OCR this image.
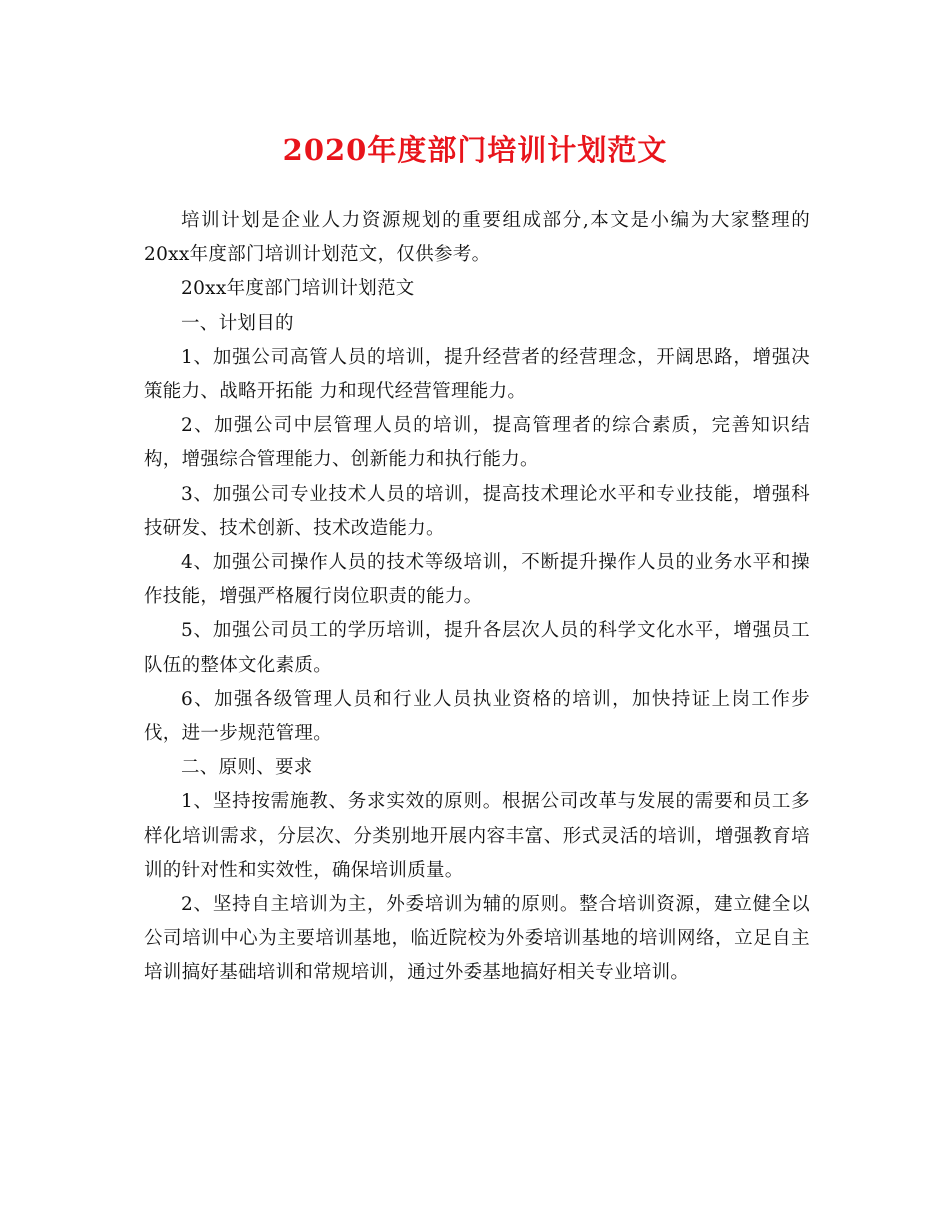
2020年度部门培训计划范文

培训计划是企业人力资源规划的重要组成部分,本文是小编为大家整理的20xx年度部门培训计划范文，仅供参考。

20xx年度部门培训计划范文

一、计划目的

1、加强公司高管人员的培训，提升经营者的经营理念，开阔思路，增强决策能力、战略开拓能 力和现代经营管理能力。

2、加强公司中层管理人员的培训，提高管理者的综合素质，完善知识结构，增强综合管理能力、创新能力和执行能力。

3、加强公司专业技术人员的培训，提高技术理论水平和专业技能，增强科技研发、技术创新、技术改造能力。

4、加强公司操作人员的技术等级培训，不断提升操作人员的业务水平和操作技能，增强严格履行岗位职责的能力。

5、加强公司员工的学历培训，提升各层次人员的科学文化水平，增强员工队伍的整体文化素质。

6、加强各级管理人员和行业人员执业资格的培训，加快持证上岗工作步伐，进一步规范管理。

二、原则、要求

1、坚持按需施教、务求实效的原则。根据公司改革与发展的需要和员工多样化培训需求，分层次、分类别地开展内容丰富、形式灵活的培训，增强教育培训的针对性和实效性，确保培训质量。

2、坚持自主培训为主，外委培训为辅的原则。整合培训资源，建立健全以公司培训中心为主要培训基地，临近院校为外委培训基地的培训网络，立足自主培训搞好基础培训和常规培训，通过外委基地搞好相关专业培训。
